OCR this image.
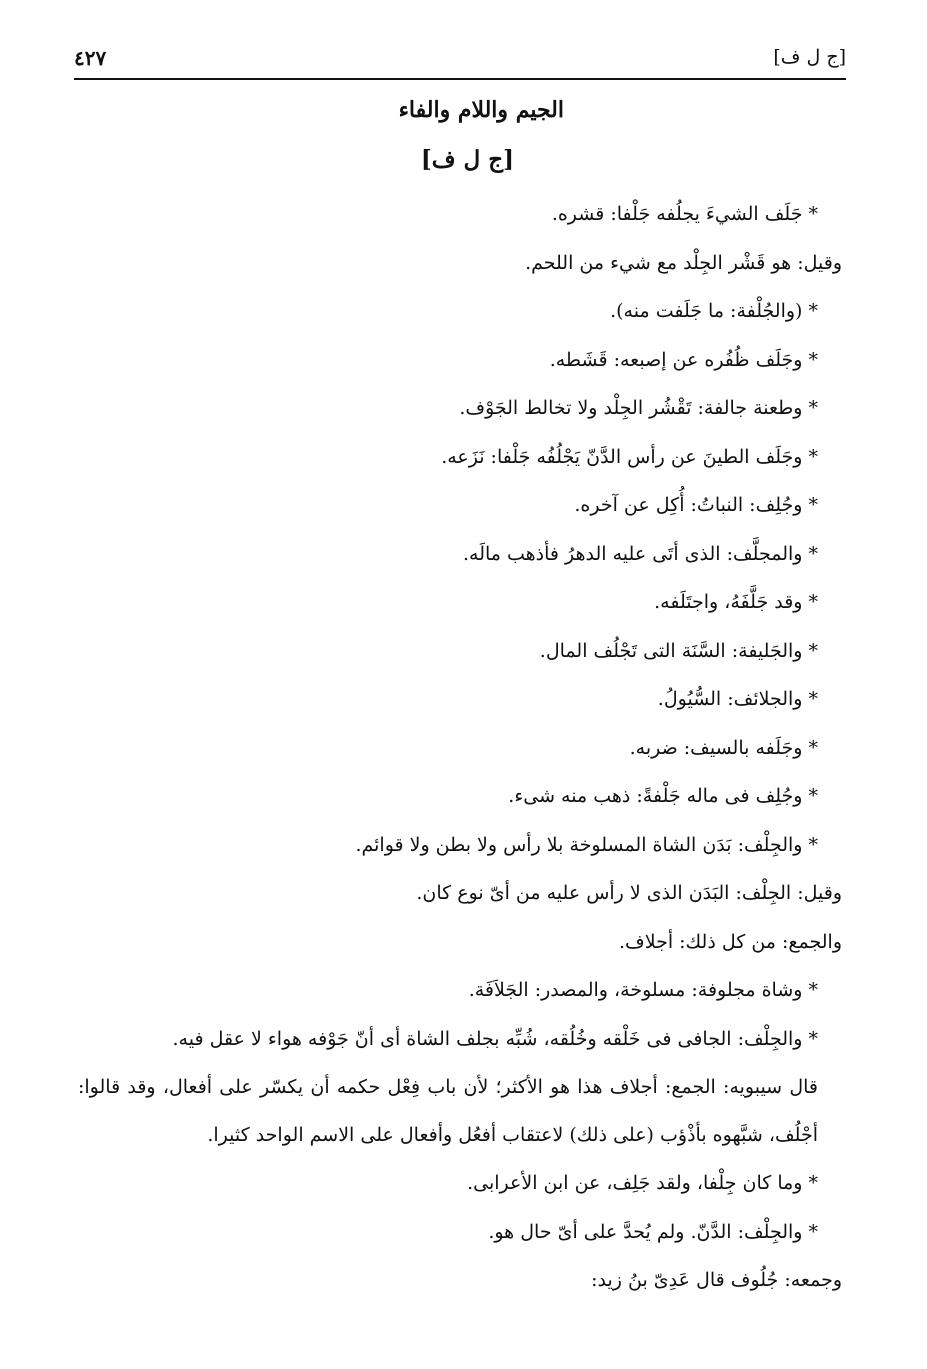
[ج ل ف]
٤٢٧
الجيم واللام والفاء
[ج ل ف]
* جَلَف الشيءَ يجلُفه جَلْفا: قشره.
وقيل: هو قَشْر الجِلْد مع شيء من اللحم.
* (والجُلْفة: ما جَلَفت منه).
* وجَلَف ظُفُره عن إصبعه: قَشَطه.
* وطعنة جالفة: تَقْشُر الجِلْد ولا تخالط الجَوْف.
* وجَلَف الطينَ عن رأس الدَّنّ يَجْلُفُه جَلْفا: نَزَعه.
* وجُلِف: النباتُ: أُكِل عن آخره.
* والمجلَّف: الذى أتَى عليه الدهرُ فأذهب مالَه.
* وقد جَلَّفَهُ، واجتَلَفه.
* والجَليفة: السَّنَة التى تَجْلُف المال.
* والجلائف: السُّيُولُ.
* وجَلَفه بالسيف: ضربه.
* وجُلِف فى ماله جَلْفةً: ذهب منه شىء.
* والجِلْف: بَدَن الشاة المسلوخة بلا رأس ولا بطن ولا قوائم.
وقيل: الجِلْف: البَدَن الذى لا رأس عليه من أىّ نوع كان.
والجمع: من كل ذلك: أجلاف.
* وشاة مجلوفة: مسلوخة، والمصدر: الجَلاَفَة.
* والجِلْف: الجافى فى خَلْقه وخُلُقه، شُبِّه بجلف الشاة أى أنّ جَوْفه هواء لا عقل فيه.
قال سيبويه: الجمع: أجلاف هذا هو الأكثر؛ لأن باب فِعْل حكمه أن يكسّر على أفعال، وقد قالوا: أجْلُف، شبَّهوه بأذْؤب (على ذلك) لاعتقاب أفعُل وأفعال على الاسم الواحد كثيرا.
* وما كان جِلْفا، ولقد جَلِف، عن ابن الأعرابى.
* والجِلْف: الدَّنّ. ولم يُحدَّ على أىّ حال هو.
وجمعه: جُلُوف قال عَدِىّ بنُ زيد:
